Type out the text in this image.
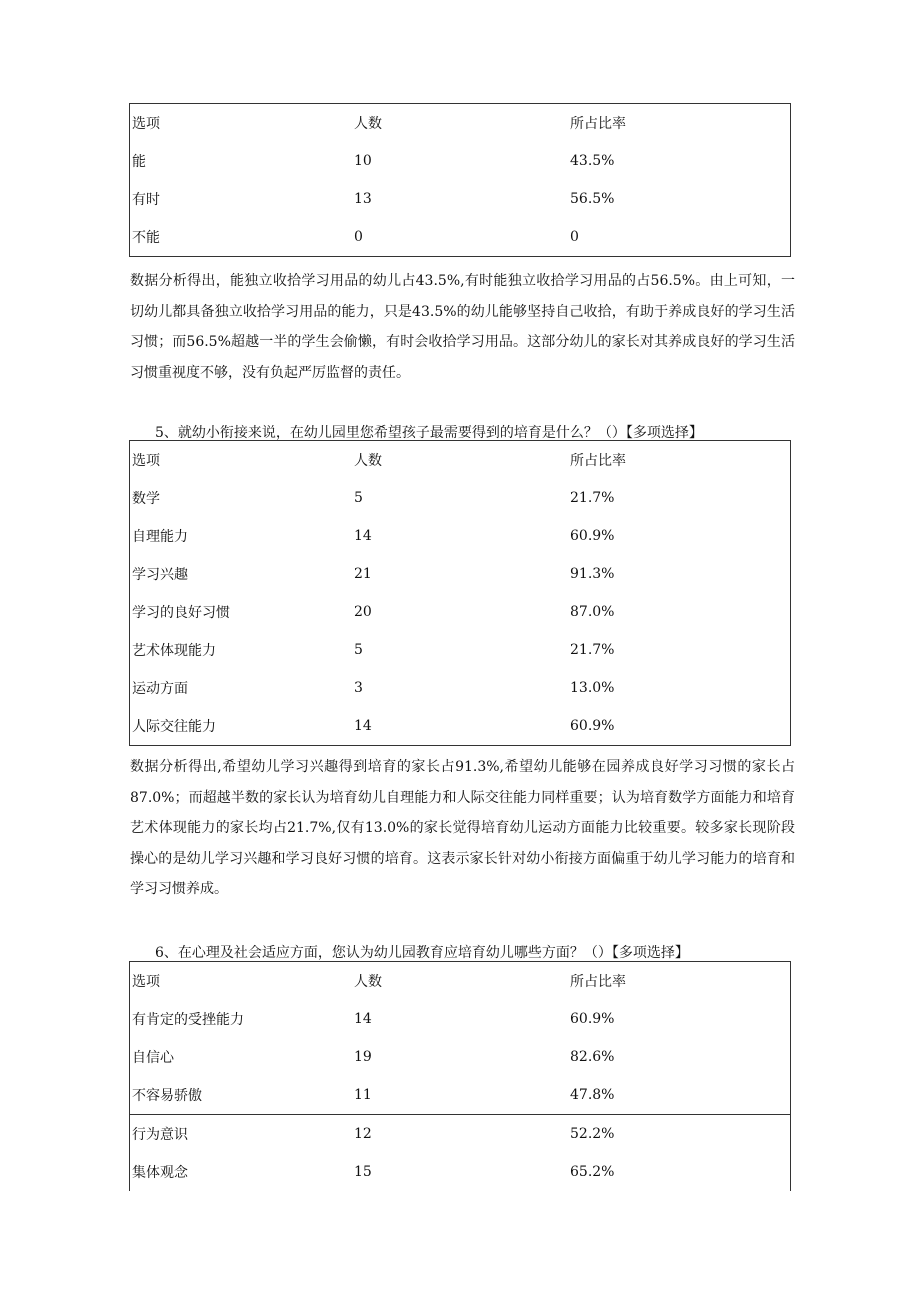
选项	人数	所占比率
能	10	43.5%
有时	13	56.5%
不能	0	0

数据分析得出，能独立收拾学习用品的幼儿占43.5%,有时能独立收拾学习用品的占56.5%。由上可知，一切幼儿都具备独立收拾学习用品的能力，只是43.5%的幼儿能够坚持自己收拾，有助于养成良好的学习生活习惯；而56.5%超越一半的学生会偷懒，有时会收拾学习用品。这部分幼儿的家长对其养成良好的学习生活习惯重视度不够，没有负起严厉监督的责任。

5、就幼小衔接来说，在幼儿园里您希望孩子最需要得到的培育是什么？（）【多项选择】
选项	人数	所占比率
数学	5	21.7%
自理能力	14	60.9%
学习兴趣	21	91.3%
学习的良好习惯	20	87.0%
艺术体现能力	5	21.7%
运动方面	3	13.0%
人际交往能力	14	60.9%

数据分析得出,希望幼儿学习兴趣得到培育的家长占91.3%,希望幼儿能够在园养成良好学习习惯的家长占87.0%；而超越半数的家长认为培育幼儿自理能力和人际交往能力同样重要；认为培育数学方面能力和培育艺术体现能力的家长均占21.7%,仅有13.0%的家长觉得培育幼儿运动方面能力比较重要。较多家长现阶段操心的是幼儿学习兴趣和学习良好习惯的培育。这表示家长针对幼小衔接方面偏重于幼儿学习能力的培育和学习习惯养成。

6、在心理及社会适应方面，您认为幼儿园教育应培育幼儿哪些方面？（）【多项选择】
选项	人数	所占比率
有肯定的受挫能力	14	60.9%
自信心	19	82.6%
不容易骄傲	11	47.8%
行为意识	12	52.2%
集体观念	15	65.2%
